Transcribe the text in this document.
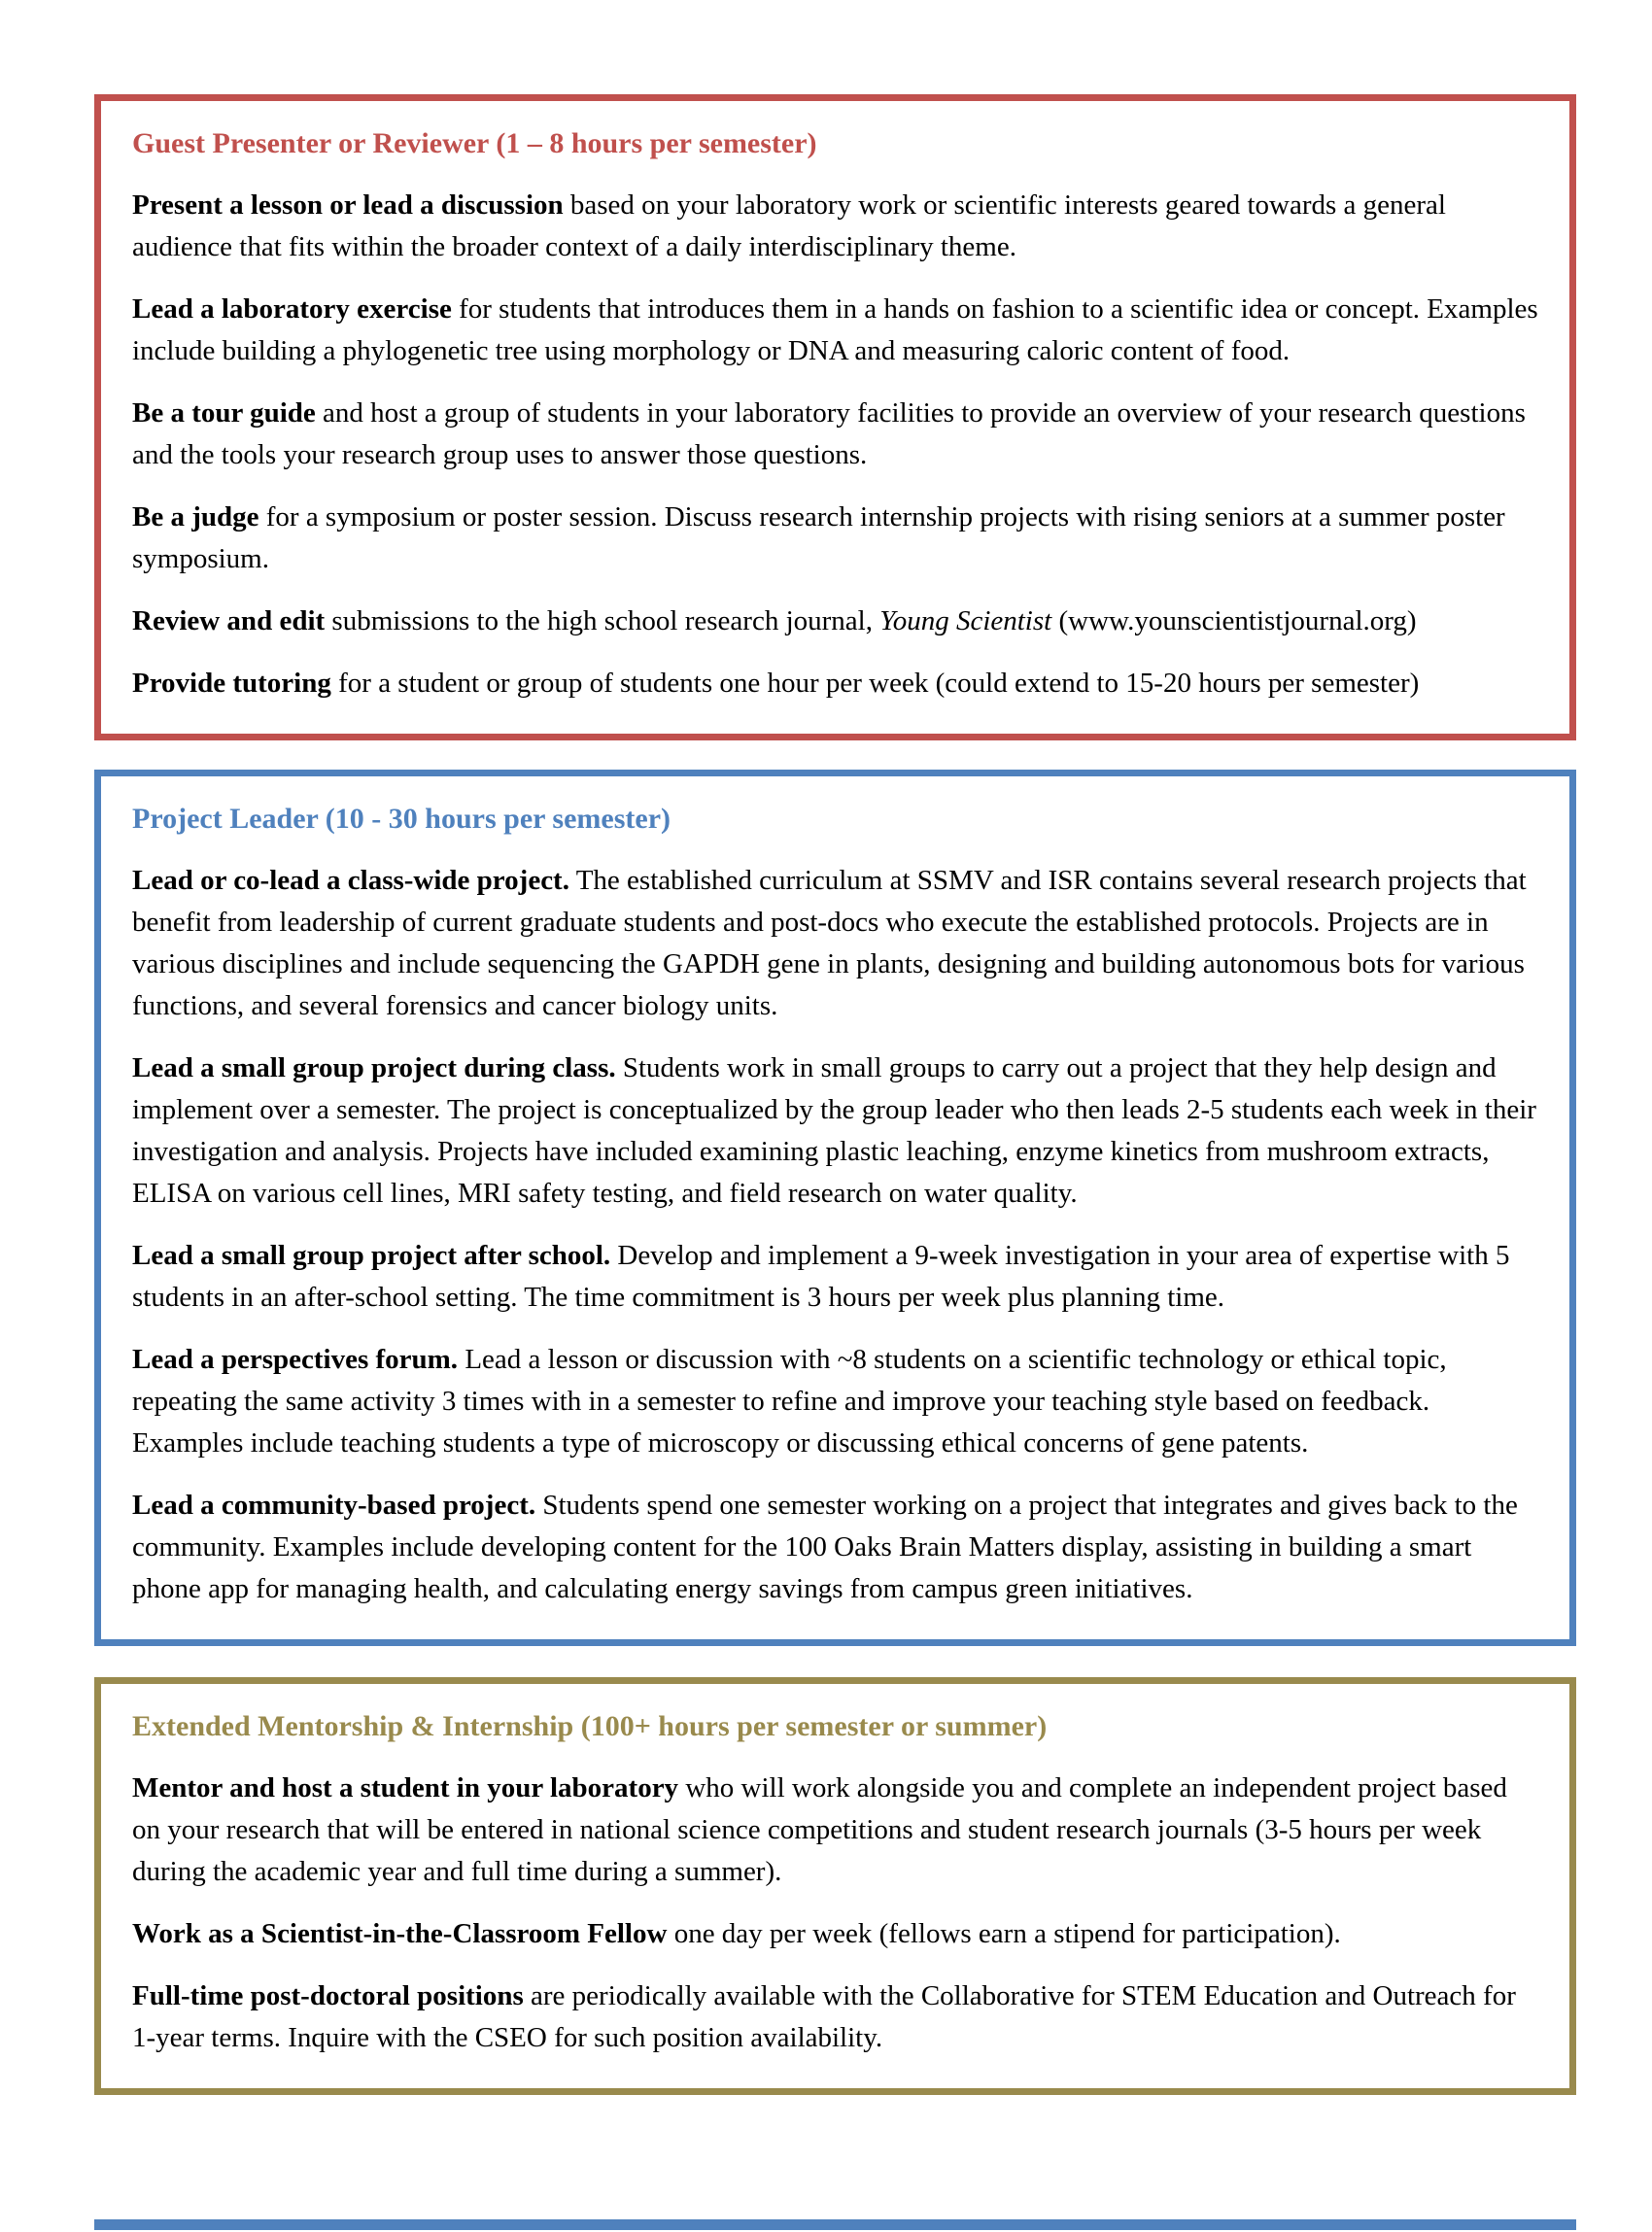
Guest Presenter or Reviewer (1 – 8 hours per semester)

Present a lesson or lead a discussion based on your laboratory work or scientific interests geared towards a general audience that fits within the broader context of a daily interdisciplinary theme.

Lead a laboratory exercise for students that introduces them in a hands on fashion to a scientific idea or concept. Examples include building a phylogenetic tree using morphology or DNA and measuring caloric content of food.

Be a tour guide and host a group of students in your laboratory facilities to provide an overview of your research questions and the tools your research group uses to answer those questions.

Be a judge for a symposium or poster session. Discuss research internship projects with rising seniors at a summer poster symposium.

Review and edit submissions to the high school research journal, Young Scientist (www.younscientistjournal.org)

Provide tutoring for a student or group of students one hour per week (could extend to 15-20 hours per semester)

Project Leader (10 - 30 hours per semester)

Lead or co-lead a class-wide project. The established curriculum at SSMV and ISR contains several research projects that benefit from leadership of current graduate students and post-docs who execute the established protocols. Projects are in various disciplines and include sequencing the GAPDH gene in plants, designing and building autonomous bots for various functions, and several forensics and cancer biology units.

Lead a small group project during class. Students work in small groups to carry out a project that they help design and implement over a semester. The project is conceptualized by the group leader who then leads 2-5 students each week in their investigation and analysis. Projects have included examining plastic leaching, enzyme kinetics from mushroom extracts, ELISA on various cell lines, MRI safety testing, and field research on water quality.

Lead a small group project after school. Develop and implement a 9-week investigation in your area of expertise with 5 students in an after-school setting. The time commitment is 3 hours per week plus planning time.

Lead a perspectives forum. Lead a lesson or discussion with ~8 students on a scientific technology or ethical topic, repeating the same activity 3 times with in a semester to refine and improve your teaching style based on feedback. Examples include teaching students a type of microscopy or discussing ethical concerns of gene patents.

Lead a community-based project. Students spend one semester working on a project that integrates and gives back to the community. Examples include developing content for the 100 Oaks Brain Matters display, assisting in building a smart phone app for managing health, and calculating energy savings from campus green initiatives.

Extended Mentorship & Internship (100+ hours per semester or summer)

Mentor and host a student in your laboratory who will work alongside you and complete an independent project based on your research that will be entered in national science competitions and student research journals (3-5 hours per week during the academic year and full time during a summer).

Work as a Scientist-in-the-Classroom Fellow one day per week (fellows earn a stipend for participation).

Full-time post-doctoral positions are periodically available with the Collaborative for STEM Education and Outreach for 1-year terms. Inquire with the CSEO for such position availability.
